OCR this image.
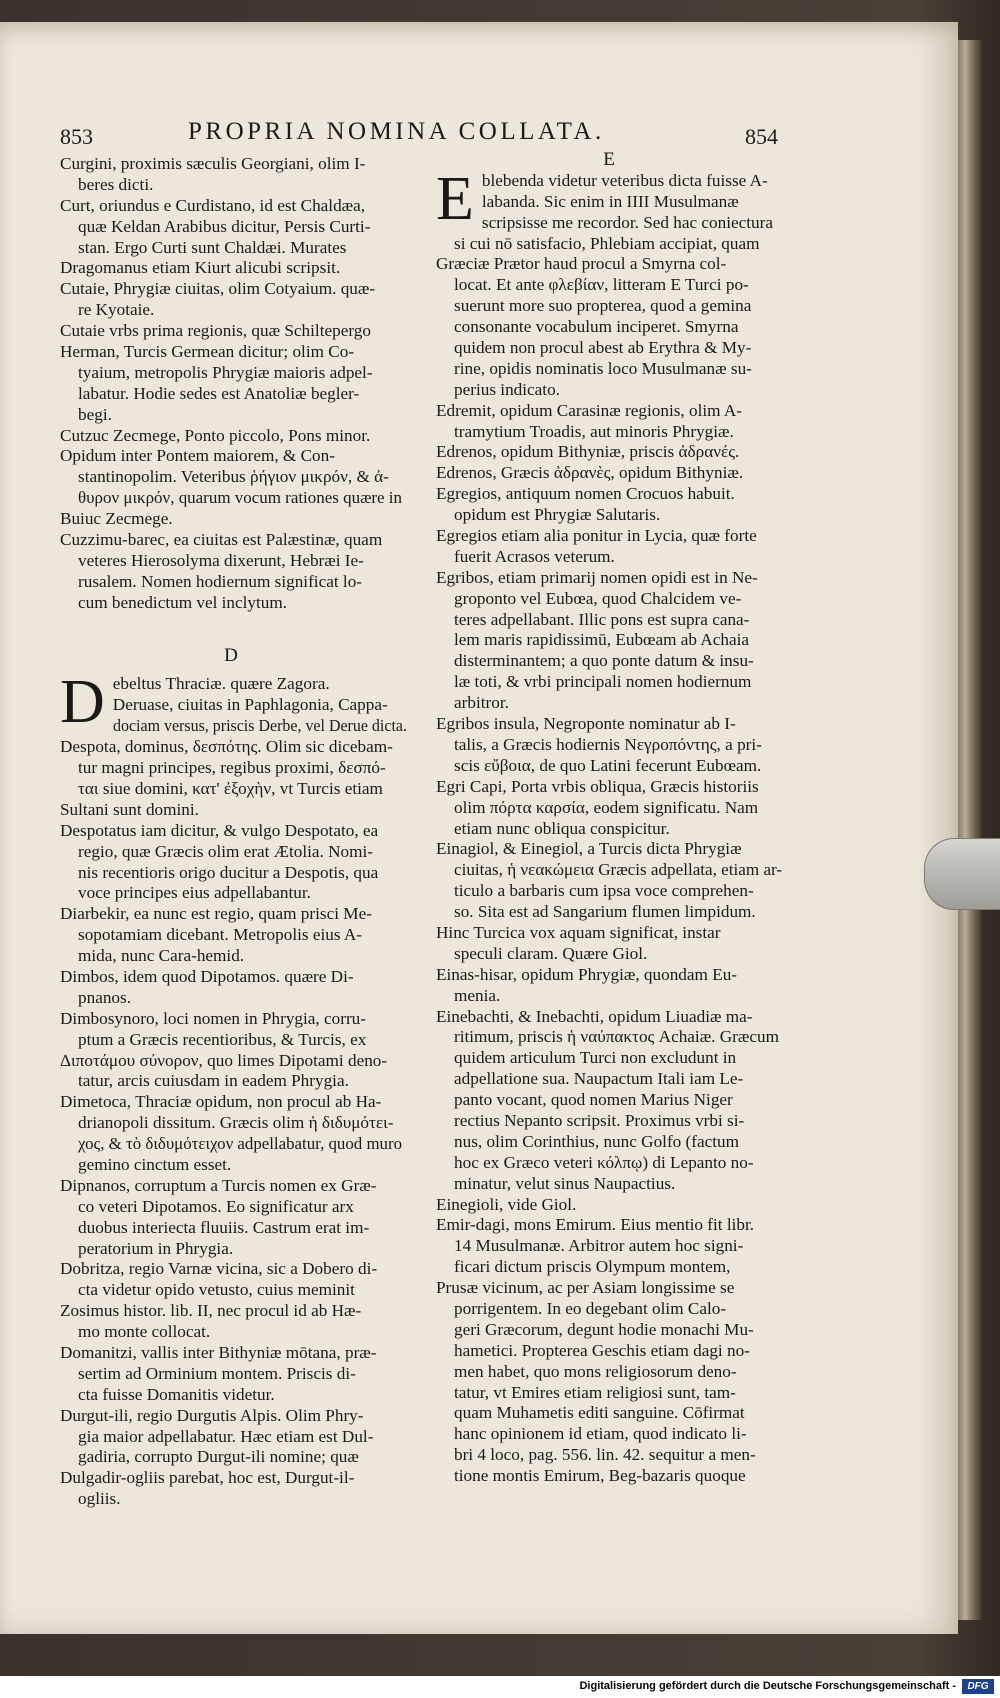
853	PROPRIA NOMINA COLLATA.	854
Curgini, proximis sæculis Georgiani, olim I-
beres dicti.
Curt, oriundus e Curdistano, id est Chaldæa,
quæ Keldan Arabibus dicitur, Persis Curti-
stan. Ergo Curti sunt Chaldæi. Murates
Dragomanus etiam Kiurt alicubi scripsit.
Cutaie, Phrygiæ ciuitas, olim Cotyaium. quæ-
re Kyotaie.
Cutaie vrbs prima regionis, quæ Schiltepergo
Herman, Turcis Germean dicitur; olim Co-
tyaium, metropolis Phrygiæ maioris adpel-
labatur. Hodie sedes est Anatoliæ begler-
begi.
Cutzuc Zecmege, Ponto piccolo, Pons minor.
Opidum inter Pontem maiorem, & Con-
stantinopolim. Veteribus ῥήγιον μικρόν, & ἀ-
θυρον μικρόν, quarum vocum rationes quære in
Buiuc Zecmege.
Cuzzimu-barec, ea ciuitas est Palæstinæ, quam
veteres Hierosolyma dixerunt, Hebræi Ie-
rusalem. Nomen hodiernum significat lo-
cum benedictum vel inclytum.
D
D ebeltus Thraciæ. quære Zagora.
Deruase, ciuitas in Paphlagonia, Cappa-
dociam versus, priscis Derbe, vel Derue dicta.
Despota, dominus, δεσπότης. Olim sic dicebam-
tur magni principes, regibus proximi, δεσπό-
ται siue domini, κατ' ἐξοχὴν, vt Turcis etiam
Sultani sunt domini.
Despotatus iam dicitur, & vulgo Despotato, ea
regio, quæ Græcis olim erat Ætolia. Nomi-
nis recentioris origo ducitur a Despotis, qua
voce principes eius adpellabantur.
Diarbekir, ea nunc est regio, quam prisci Me-
sopotamiam dicebant. Metropolis eius A-
mida, nunc Cara-hemid.
Dimbos, idem quod Dipotamos. quære Di-
pnanos.
Dimbosynoro, loci nomen in Phrygia, corru-
ptum a Græcis recentioribus, & Turcis, ex
Διποτάμου σύνορον, quo limes Dipotami deno-
tatur, arcis cuiusdam in eadem Phrygia.
Dimetoca, Thraciæ opidum, non procul ab Ha-
drianopoli dissitum. Græcis olim ἡ διδυμότει-
χος, & τὸ διδυμότειχον adpellabatur, quod muro
gemino cinctum esset.
Dipnanos, corruptum a Turcis nomen ex Græ-
co veteri Dipotamos. Eo significatur arx
duobus interiecta fluuiis. Castrum erat im-
peratorium in Phrygia.
Dobritza, regio Varnæ vicina, sic a Dobero di-
cta videtur opido vetusto, cuius meminit
Zosimus histor. lib. II, nec procul id ab Hæ-
mo monte collocat.
Domanitzi, vallis inter Bithyniæ mōtana, præ-
sertim ad Orminium montem. Priscis di-
cta fuisse Domanitis videtur.
Durgut-ili, regio Durgutis Alpis. Olim Phry-
gia maior adpellabatur. Hæc etiam est Dul-
gadiria, corrupto Durgut-ili nomine; quæ
Dulgadir-ogliis parebat, hoc est, Durgut-il-
ogliis.
E
E blebenda videtur veteribus dicta fuisse A-
labanda. Sic enim in IIII Musulmanæ
scripsisse me recordor. Sed hac coniectura
si cui nō satisfacio, Phlebiam accipiat, quam
Græciæ Prætor haud procul a Smyrna col-
locat. Et ante φλεβίαν, litteram E Turci po-
suerunt more suo propterea, quod a gemina
consonante vocabulum inciperet. Smyrna
quidem non procul abest ab Erythra & My-
rine, opidis nominatis loco Musulmanæ su-
perius indicato.
Edremit, opidum Carasinæ regionis, olim A-
tramytium Troadis, aut minoris Phrygiæ.
Edrenos, opidum Bithyniæ, priscis ἀδρανές.
Edrenos, Græcis ἀδρανὲς, opidum Bithyniæ.
Egregios, antiquum nomen Crocuos habuit.
opidum est Phrygiæ Salutaris.
Egregios etiam alia ponitur in Lycia, quæ forte
fuerit Acrasos veterum.
Egribos, etiam primarij nomen opidi est in Ne-
groponto vel Eubœa, quod Chalcidem ve-
teres adpellabant. Illic pons est supra cana-
lem maris rapidissimū, Eubœam ab Achaia
disterminantem; a quo ponte datum & insu-
læ toti, & vrbi principali nomen hodiernum
arbitror.
Egribos insula, Negroponte nominatur ab I-
talis, a Græcis hodiernis Νεγροπόντης, a pri-
scis εὔβοια, de quo Latini fecerunt Eubœam.
Egri Capi, Porta vrbis obliqua, Græcis historiis
olim πόρτα καρσία, eodem significatu. Nam
etiam nunc obliqua conspicitur.
Einagiol, & Einegiol, a Turcis dicta Phrygiæ
ciuitas, ἡ νεακώμεια Græcis adpellata, etiam ar-
ticulo a barbaris cum ipsa voce comprehen-
so. Sita est ad Sangarium flumen limpidum.
Hinc Turcica vox aquam significat, instar
speculi claram. Quære Giol.
Einas-hisar, opidum Phrygiæ, quondam Eu-
menia.
Einebachti, & Inebachti, opidum Liuadiæ ma-
ritimum, priscis ἡ ναύπακτος Achaiæ. Græcum
quidem articulum Turci non excludunt in
adpellatione sua. Naupactum Itali iam Le-
panto vocant, quod nomen Marius Niger
rectius Nepanto scripsit. Proximus vrbi si-
nus, olim Corinthius, nunc Golfo (factum
hoc ex Græco veteri κόλπῳ) di Lepanto no-
minatur, velut sinus Naupactius.
Einegioli, vide Giol.
Emir-dagi, mons Emirum. Eius mentio fit libr.
14 Musulmanæ. Arbitror autem hoc signi-
ficari dictum priscis Olympum montem,
Prusæ vicinum, ac per Asiam longissime se
porrigentem. In eo degebant olim Calo-
geri Græcorum, degunt hodie monachi Mu-
hametici. Propterea Geschis etiam dagi no-
men habet, quo mons religiosorum deno-
tatur, vt Emires etiam religiosi sunt, tam-
quam Muhametis editi sanguine. Cōfirmat
hanc opinionem id etiam, quod indicato li-
bri 4 loco, pag. 556. lin. 42. sequitur a men-
tione montis Emirum, Beg-bazaris quoque
Digitalisierung gefördert durch die Deutsche Forschungsgemeinschaft -	DFG
